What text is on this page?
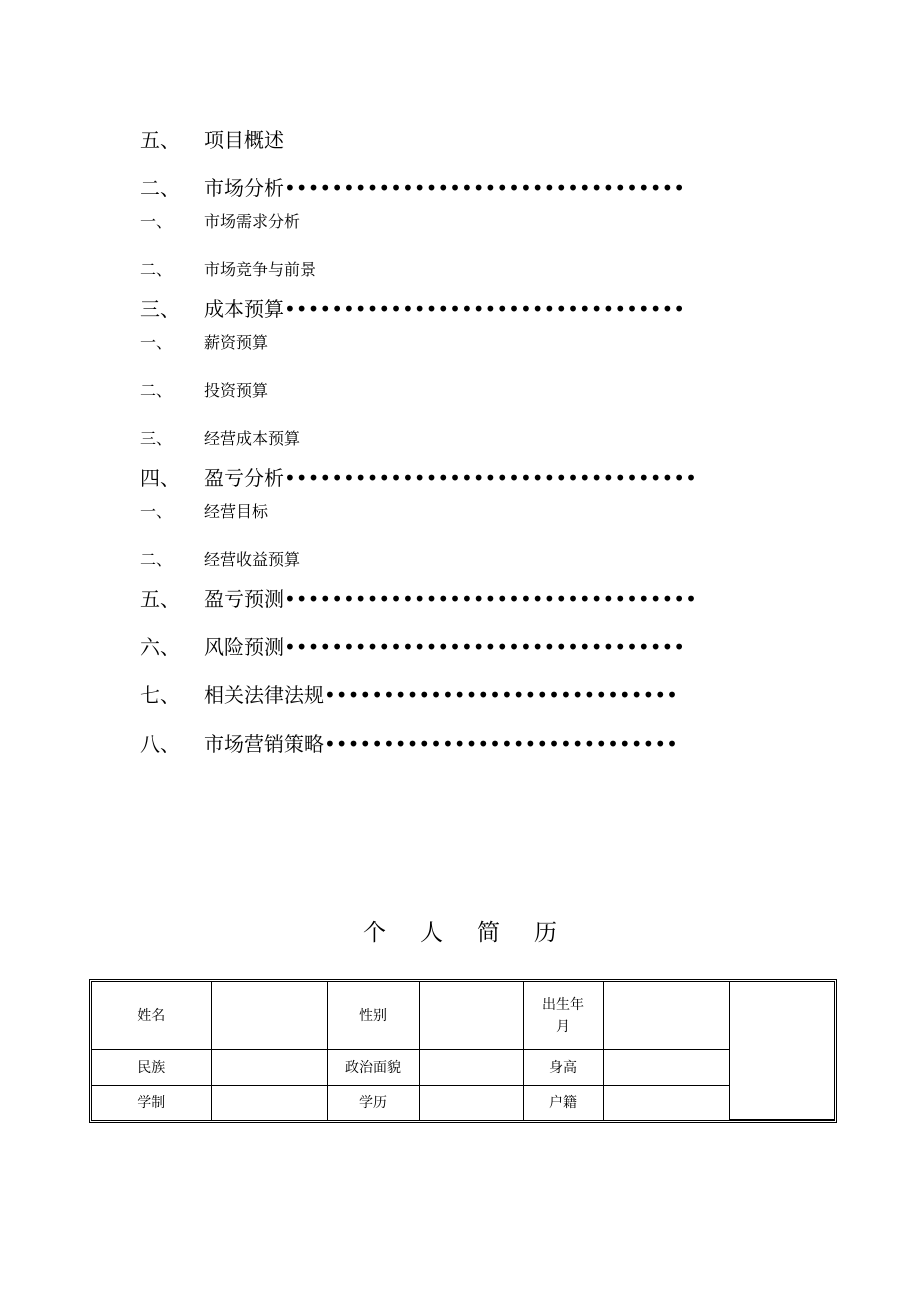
五、 项目概述
二、 市场分析••••••••••••••••••••••••••••••••••
一、 市场需求分析
二、 市场竞争与前景
三、 成本预算••••••••••••••••••••••••••••••••••
一、 薪资预算
二、 投资预算
三、 经营成本预算
四、 盈亏分析•••••••••••••••••••••••••••••••••••
一、 经营目标
二、 经营收益预算
五、 盈亏预测•••••••••••••••••••••••••••••••••••
六、 风险预测••••••••••••••••••••••••••••••••••
七、 相关法律法规••••••••••••••••••••••••••••••
八、 市场营销策略••••••••••••••••••••••••••••••
个 人 简 历
姓名		性别		出生年月		
民族		政治面貌		身高		
学制		学历		户籍		
